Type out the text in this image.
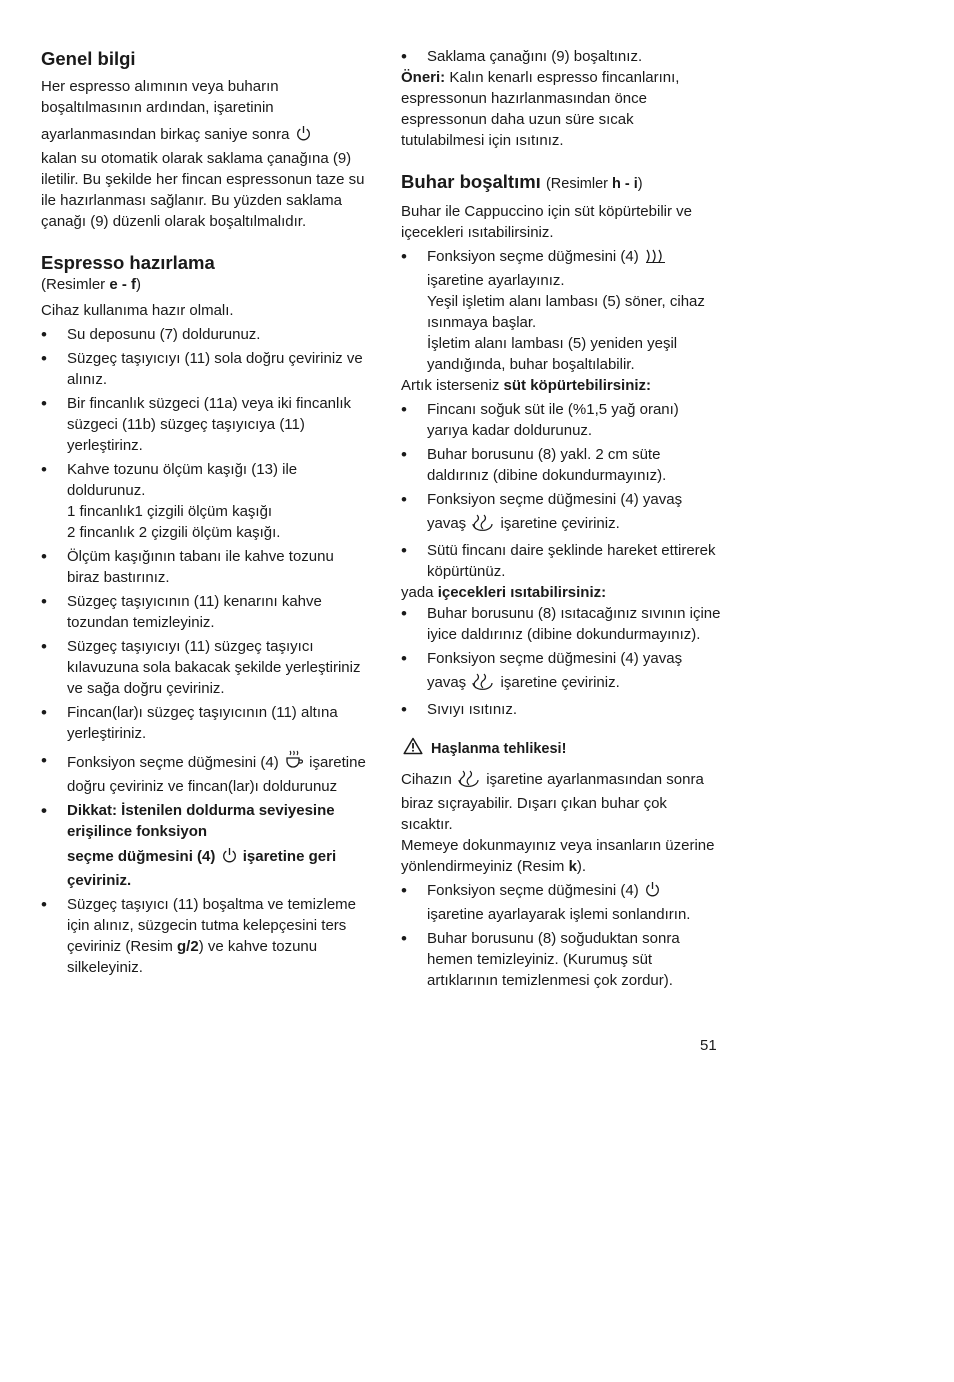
Genel bilgi

Her espresso alımının veya buharın boşaltılmasının ardından, işaretinin

ayarlanmasından birkaç saniye sonra

kalan su otomatik olarak saklama çanağına (9) iletilir. Bu şekilde her fincan espressonun taze su ile hazırlanması sağlanır. Bu yüzden saklama çanağı (9) düzenli olarak boşaltılmalıdır.

Espresso hazırlama

(Resimler e - f)

Cihaz kullanıma hazır olmalı.

• Su deposunu (7) doldurunuz.
• Süzgeç taşıyıcıyı (11) sola doğru çeviriniz ve alınız.
• Bir fincanlık süzgeci (11a) veya iki fincanlık süzgeci (11b) süzgeç taşıyıcıya (11) yerleştirinz.
• Kahve tozunu ölçüm kaşığı (13) ile doldurunuz.
1 fincanlık1 çizgili ölçüm kaşığı
2 fincanlık 2 çizgili ölçüm kaşığı.
• Ölçüm kaşığının tabanı ile kahve tozunu biraz bastırınız.
• Süzgeç taşıyıcının (11) kenarını kahve tozundan temizleyiniz.
• Süzgeç taşıyıcıyı (11) süzgeç taşıyıcı kılavuzuna sola bakacak şekilde yerleştiriniz ve sağa doğru çeviriniz.
• Fincan(lar)ı süzgeç taşıyıcının (11) altına yerleştiriniz.
• Fonksiyon seçme düğmesini (4) işaretine doğru çeviriniz ve fincan(lar)ı doldurunuz
• Dikkat: İstenilen doldurma seviyesine erişilince fonksiyon
seçme düğmesini (4) işaretine geri çeviriniz.
• Süzgeç taşıyıcı (11) boşaltma ve temizleme için alınız, süzgecin tutma kelepçesini ters çeviriniz (Resim g/2) ve kahve tozunu silkeleyiniz.
• Saklama çanağını (9) boşaltınız.

Öneri: Kalın kenarlı espresso fincanlarını, espressonun hazırlanmasından önce espressonun daha uzun süre sıcak tutulabilmesi için ısıtınız.

Buhar boşaltımı (Resimler h - i)

Buhar ile Cappuccino için süt köpürtebilir ve içecekleri ısıtabilirsiniz.

• Fonksiyon seçme düğmesini (4)
işaretine ayarlayınız.
Yeşil işletim alanı lambası (5) söner, cihaz ısınmaya başlar.
İşletim alanı lambası (5) yeniden yeşil yandığında, buhar boşaltılabilir.

Artık isterseniz süt köpürtebilirsiniz:

• Fincanı soğuk süt ile (%1,5 yağ oranı) yarıya kadar doldurunuz.
• Buhar borusunu (8) yakl. 2 cm süte daldırınız (dibine dokundurmayınız).
• Fonksiyon seçme düğmesini (4) yavaş
yavaş işaretine çeviriniz.
• Sütü fincanı daire şeklinde hareket ettirerek köpürtünüz.

yada içecekleri ısıtabilirsiniz:

• Buhar borusunu (8) ısıtacağınız sıvının içine iyice daldırınız (dibine dokundurmayınız).
• Fonksiyon seçme düğmesini (4) yavaş
yavaş işaretine çeviriniz.
• Sıvıyı ısıtınız.
Haşlanma tehlikesi!

Cihazın işaretine ayarlanmasından sonra biraz sıçrayabilir. Dışarı çıkan buhar çok sıcaktır.

Memeye dokunmayınız veya insanların üzerine yönlendirmeyiniz (Resim k).

• Fonksiyon seçme düğmesini (4)  işaretine ayarlayarak işlemi sonlandırın.
• Buhar borusunu (8) soğuduktan sonra hemen temizleyiniz. (Kurumuş süt artıklarının temizlenmesi çok zordur).
51
